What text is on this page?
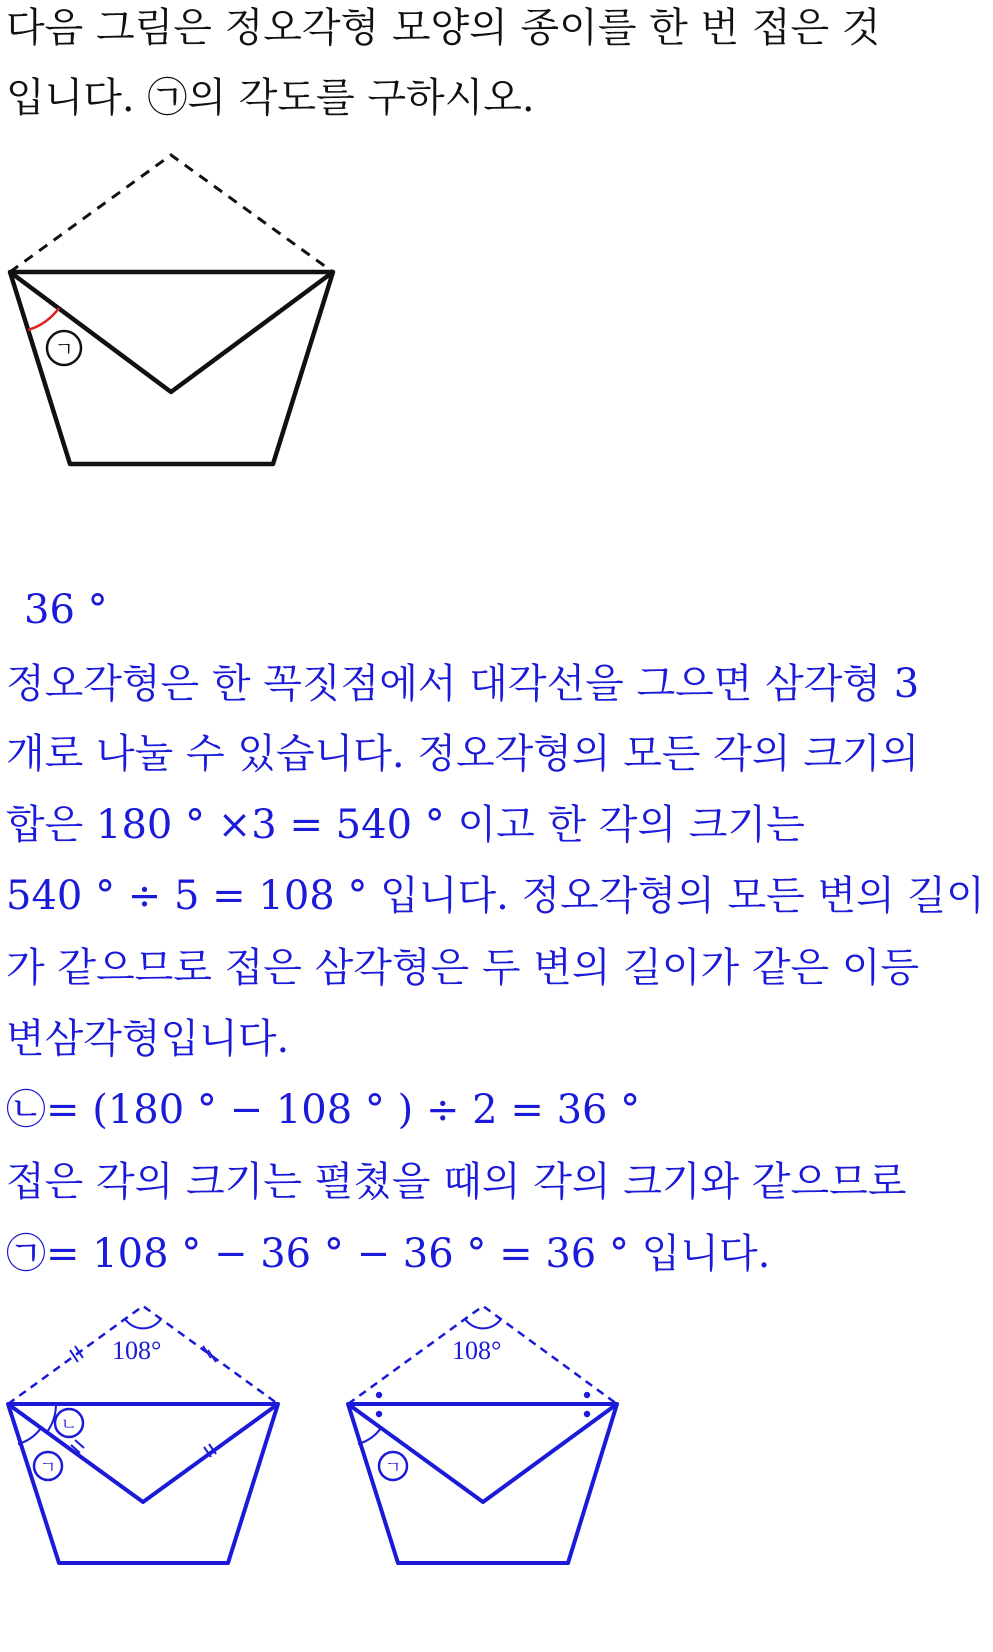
다음 그림은 정오각형 모양의 종이를 한 번 접은 것
입니다. ㉠의 각도를 구하시오.
ㄱ
36 °
정오각형은 한 꼭짓점에서 대각선을 그으면 삼각형 3
개로 나눌 수 있습니다. 정오각형의 모든 각의 크기의
합은 180 ° ×3 = 540 ° 이고 한 각의 크기는
540 ° ÷ 5 = 108 ° 입니다. 정오각형의 모든 변의 길이
가 같으므로 접은 삼각형은 두 변의 길이가 같은 이등
변삼각형입니다.
㉡= (180 ° − 108 ° ) ÷ 2 = 36 °
접은 각의 크기는 펼쳤을 때의 각의 크기와 같으므로
㉠= 108 ° − 36 ° − 36 ° = 36 ° 입니다.
108°
ㄴ
ㄱ
108°
ㄱ
